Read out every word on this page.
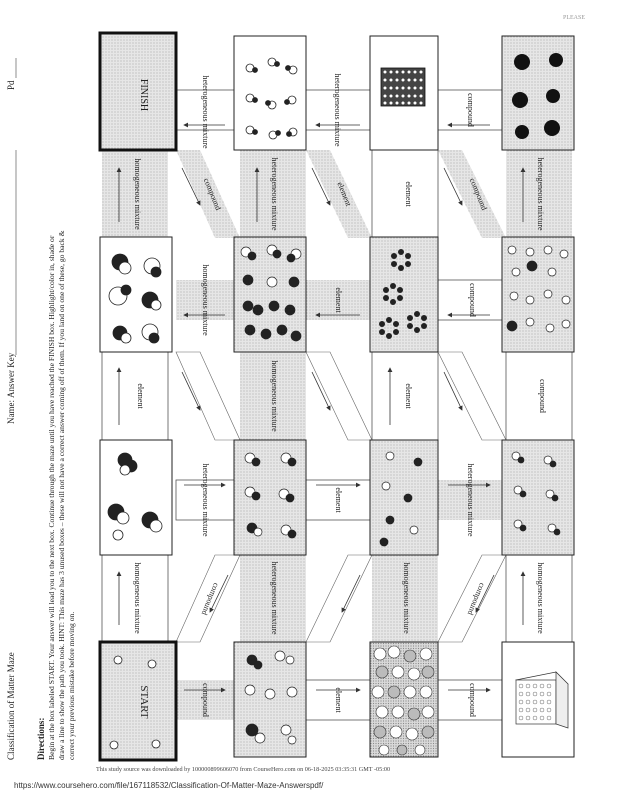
FINISH
START
homogeneous mixture
element
homogeneous mixture
heterogeneous mixture
homogeneous mixture
heterogeneous mixture
element
element
homogeneous mixture
heterogeneous mixture
compound
homogeneous mixture
heterogeneous mixture	heterogeneous mixture	compound
homogeneous mixture	element	compound
heterogeneous mixture	element	heterogeneous mixture
compound	element	compound
compound	element	compound
compound	compound
Classification of Matter Maze
Name:
Answer Key
Pd
Directions: Begin at the box labeled START. Your answer will lead you to the next box. Continue through the maze until you have reached the FINISH box. Highlight/color in, shade or draw a line to show the path you took. HINT: This maze has 3 unused boxes – these will not have a correct answer coming off of them. If you land on one of these, go back & correct your previous mistake before moving on.
This study source was downloaded by 100000899606070 from CourseHero.com on 06-18-2025 03:35:31 GMT -05:00
https://www.coursehero.com/file/167118532/Classification-Of-Matter-Maze-Answerspdf/
PLEASE
